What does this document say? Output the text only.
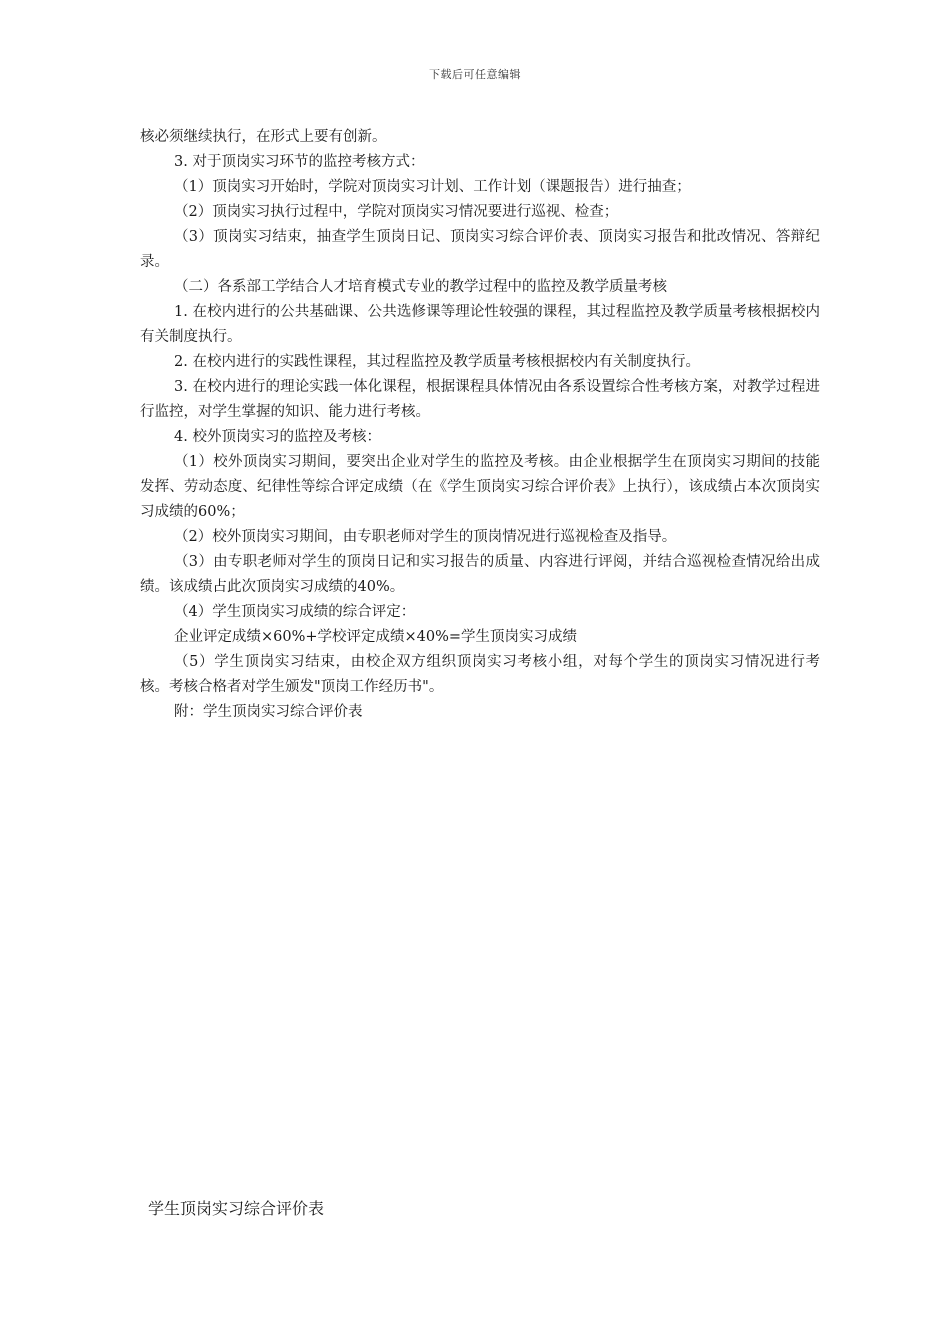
下载后可任意编辑

核必须继续执行，在形式上要有创新。

3. 对于顶岗实习环节的监控考核方式：

（1）顶岗实习开始时，学院对顶岗实习计划、工作计划（课题报告）进行抽查；

（2）顶岗实习执行过程中，学院对顶岗实习情况要进行巡视、检查；

（3）顶岗实习结束，抽查学生顶岗日记、顶岗实习综合评价表、顶岗实习报告和批改情况、答辩纪录。

（二）各系部工学结合人才培育模式专业的教学过程中的监控及教学质量考核

1. 在校内进行的公共基础课、公共选修课等理论性较强的课程，其过程监控及教学质量考核根据校内有关制度执行。

2. 在校内进行的实践性课程，其过程监控及教学质量考核根据校内有关制度执行。

3. 在校内进行的理论实践一体化课程，根据课程具体情况由各系设置综合性考核方案，对教学过程进行监控，对学生掌握的知识、能力进行考核。

4. 校外顶岗实习的监控及考核：

（1）校外顶岗实习期间，要突出企业对学生的监控及考核。由企业根据学生在顶岗实习期间的技能发挥、劳动态度、纪律性等综合评定成绩（在《学生顶岗实习综合评价表》上执行），该成绩占本次顶岗实习成绩的60%；

（2）校外顶岗实习期间，由专职老师对学生的顶岗情况进行巡视检查及指导。

（3）由专职老师对学生的顶岗日记和实习报告的质量、内容进行评阅，并结合巡视检查情况给出成绩。该成绩占此次顶岗实习成绩的40%。

（4）学生顶岗实习成绩的综合评定：

企业评定成绩×60%+学校评定成绩×40%=学生顶岗实习成绩

（5）学生顶岗实习结束，由校企双方组织顶岗实习考核小组，对每个学生的顶岗实习情况进行考核。考核合格者对学生颁发"顶岗工作经历书"。

附：学生顶岗实习综合评价表

学生顶岗实习综合评价表
